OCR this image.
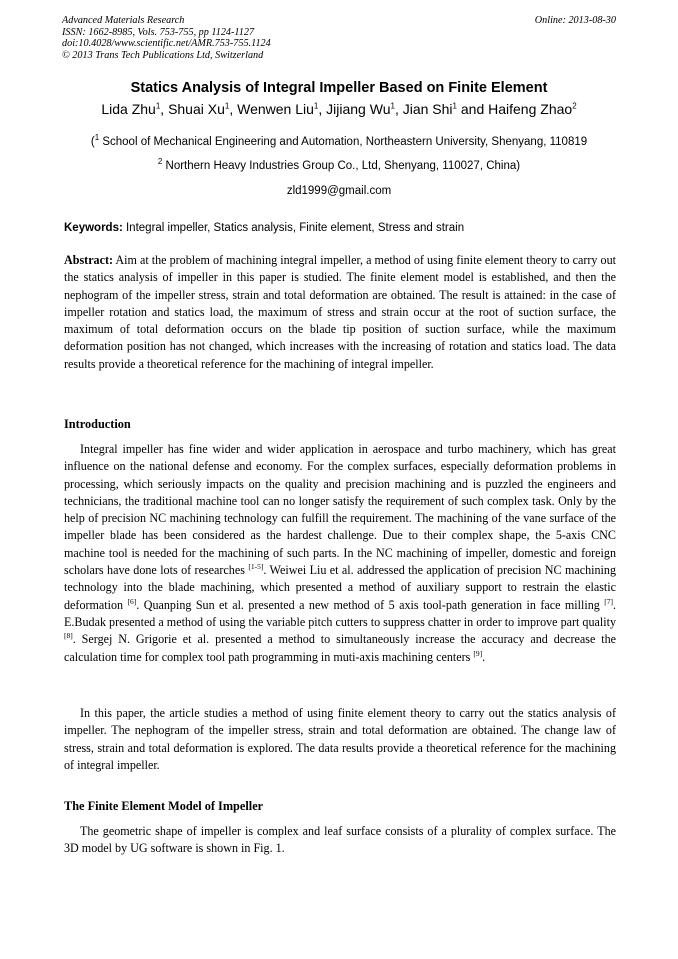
Advanced Materials Research
ISSN: 1662-8985, Vols. 753-755, pp 1124-1127
doi:10.4028/www.scientific.net/AMR.753-755.1124
© 2013 Trans Tech Publications Ltd, Switzerland
Online: 2013-08-30
Statics Analysis of Integral Impeller Based on Finite Element
Lida Zhu$^1$, Shuai Xu$^1$, Wenwen Liu$^1$, Jijiang Wu$^1$, Jian Shi$^1$ and Haifeng Zhao$^2$
($^1$ School of Mechanical Engineering and Automation, Northeastern University, Shenyang, 110819
$^2$ Northern Heavy Industries Group Co., Ltd, Shenyang, 110027, China)
zld1999@gmail.com
Keywords: Integral impeller, Statics analysis, Finite element, Stress and strain
Abstract: Aim at the problem of machining integral impeller, a method of using finite element theory to carry out the statics analysis of impeller in this paper is studied. The finite element model is established, and then the nephogram of the impeller stress, strain and total deformation are obtained. The result is attained: in the case of impeller rotation and statics load, the maximum of stress and strain occur at the root of suction surface, the maximum of total deformation occurs on the blade tip position of suction surface, while the maximum deformation position has not changed, which increases with the increasing of rotation and statics load. The data results provide a theoretical reference for the machining of integral impeller.
Introduction
Integral impeller has fine wider and wider application in aerospace and turbo machinery, which has great influence on the national defense and economy. For the complex surfaces, especially deformation problems in processing, which seriously impacts on the quality and precision machining and is puzzled the engineers and technicians, the traditional machine tool can no longer satisfy the requirement of such complex task. Only by the help of precision NC machining technology can fulfill the requirement. The machining of the vane surface of the impeller blade has been considered as the hardest challenge. Due to their complex shape, the 5-axis CNC machine tool is needed for the machining of such parts. In the NC machining of impeller, domestic and foreign scholars have done lots of researches [1-5]. Weiwei Liu et al. addressed the application of precision NC machining technology into the blade machining, which presented a method of auxiliary support to restrain the elastic deformation [6]. Quanping Sun et al. presented a new method of 5 axis tool-path generation in face milling [7]. E.Budak presented a method of using the variable pitch cutters to suppress chatter in order to improve part quality [8]. Sergej N. Grigorie et al. presented a method to simultaneously increase the accuracy and decrease the calculation time for complex tool path programming in muti-axis machining centers [9].
In this paper, the article studies a method of using finite element theory to carry out the statics analysis of impeller. The nephogram of the impeller stress, strain and total deformation are obtained. The change law of stress, strain and total deformation is explored. The data results provide a theoretical reference for the machining of integral impeller.
The Finite Element Model of Impeller
The geometric shape of impeller is complex and leaf surface consists of a plurality of complex surface. The 3D model by UG software is shown in Fig. 1.
